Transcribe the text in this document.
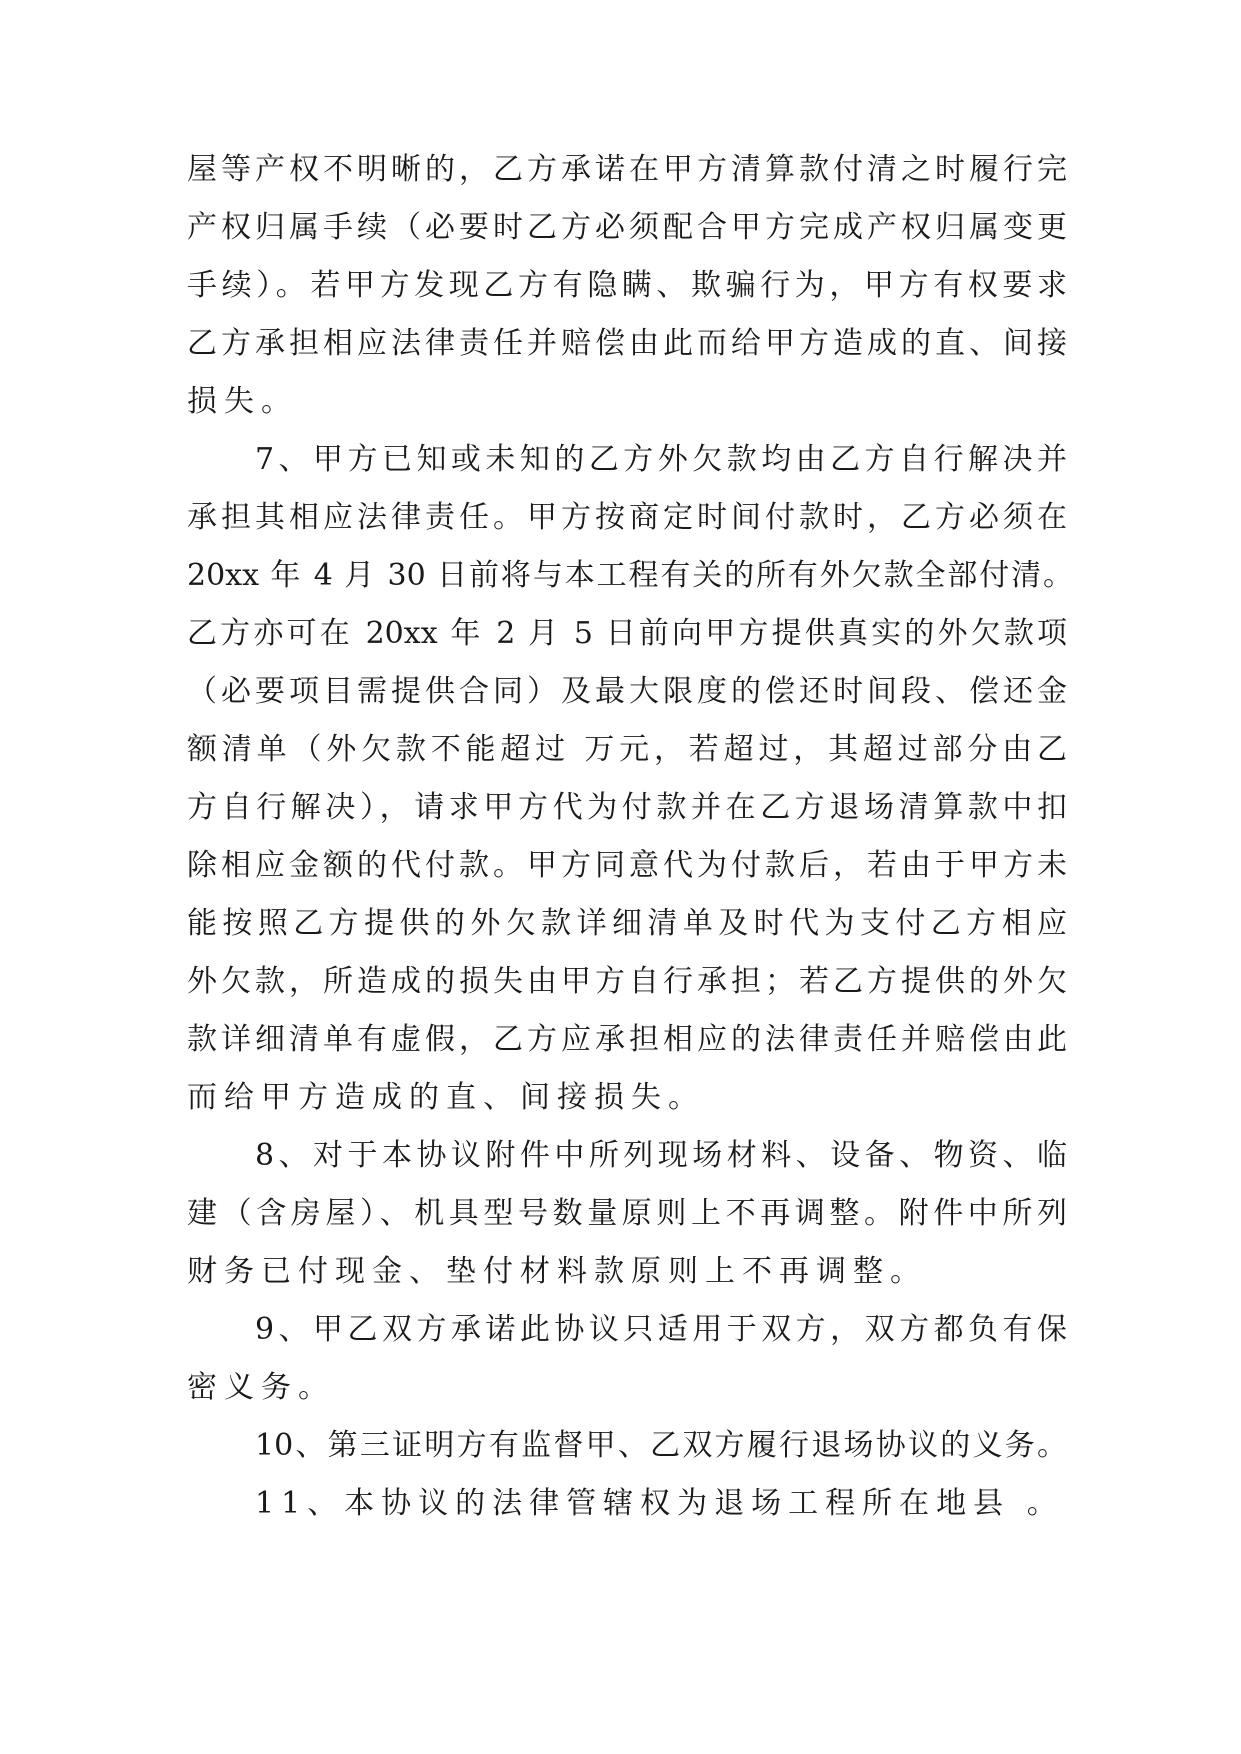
屋等产权不明晰的，乙方承诺在甲方清算款付清之时履行完
产权归属手续（必要时乙方必须配合甲方完成产权归属变更
手续）。若甲方发现乙方有隐瞒、欺骗行为，甲方有权要求
乙方承担相应法律责任并赔偿由此而给甲方造成的直、间接
损失。
7、甲方已知或未知的乙方外欠款均由乙方自行解决并
承担其相应法律责任。甲方按商定时间付款时，乙方必须在
20xx 年 4 月 30 日前将与本工程有关的所有外欠款全部付清。
乙方亦可在 20xx 年 2 月 5 日前向甲方提供真实的外欠款项
（必要项目需提供合同）及最大限度的偿还时间段、偿还金
额清单（外欠款不能超过 万元，若超过，其超过部分由乙
方自行解决），请求甲方代为付款并在乙方退场清算款中扣
除相应金额的代付款。甲方同意代为付款后，若由于甲方未
能按照乙方提供的外欠款详细清单及时代为支付乙方相应
外欠款，所造成的损失由甲方自行承担；若乙方提供的外欠
款详细清单有虚假，乙方应承担相应的法律责任并赔偿由此
而给甲方造成的直、间接损失。
8、对于本协议附件中所列现场材料、设备、物资、临
建（含房屋）、机具型号数量原则上不再调整。附件中所列
财务已付现金、垫付材料款原则上不再调整。
9、甲乙双方承诺此协议只适用于双方，双方都负有保
密义务。
10、第三证明方有监督甲、乙双方履行退场协议的义务。
11、本协议的法律管辖权为退场工程所在地县 。
